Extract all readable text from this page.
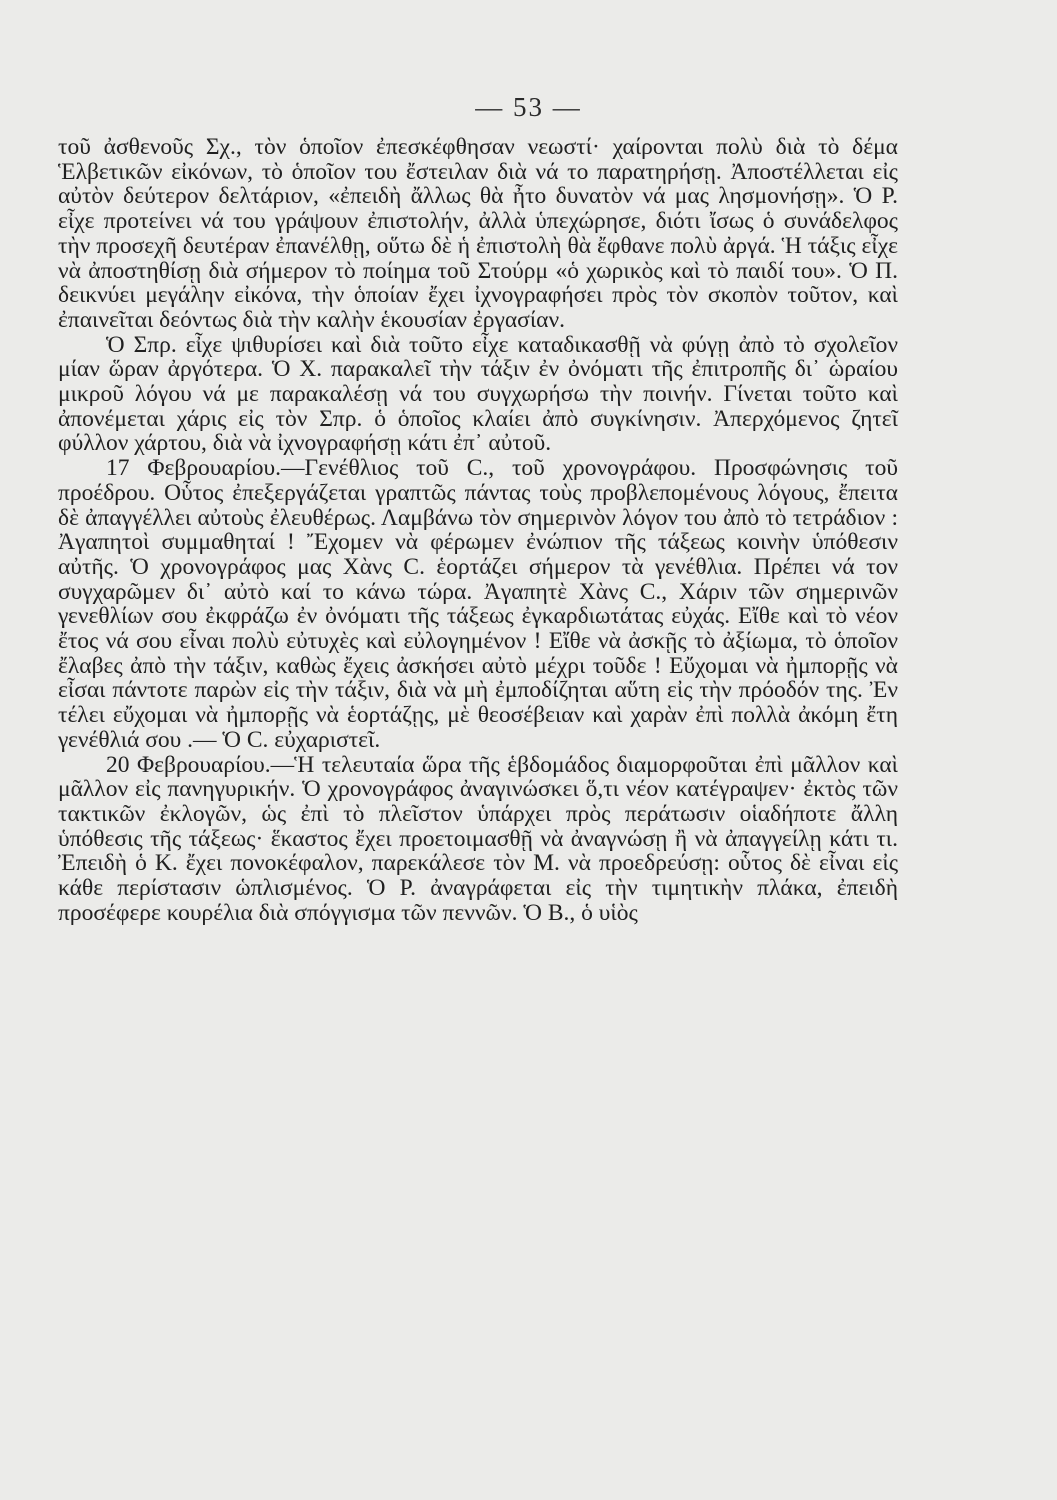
— 53 —

τοῦ ἀσθενοῦς Σχ., τὸν ὁποῖον ἐπεσκέφθησαν νεωστί· χαίρονται πολὺ διὰ τὸ δέμα Ἑλβετικῶν εἰκόνων, τὸ ὁποῖον του ἔστειλαν διὰ νά το παρατηρήσῃ. Ἀποστέλλεται εἰς αὐτὸν δεύτερον δελτάριον, «ἐπειδὴ ἄλλως θὰ ἦτο δυνατὸν νά μας λησμονήσῃ». Ὁ Ρ. εἶχε προτείνει νά του γράψουν ἐπιστολήν, ἀλλὰ ὑπεχώρησε, διότι ἴσως ὁ συνάδελφος τὴν προσεχῆ δευτέραν ἐπανέλθῃ, οὕτω δὲ ἡ ἐπιστολὴ θὰ ἔφθανε πολὺ ἀργά. Ἡ τάξις εἶχε νὰ ἀποστηθίσῃ διὰ σήμερον τὸ ποίημα τοῦ Στούρμ «ὁ χωρικὸς καὶ τὸ παιδί του». Ὁ Π. δεικνύει μεγάλην εἰκόνα, τὴν ὁποίαν ἔχει ἰχνογραφήσει πρὸς τὸν σκοπὸν τοῦτον, καὶ ἐπαινεῖται δεόντως διὰ τὴν καλὴν ἑκουσίαν ἐργασίαν.

Ὁ Σπρ. εἶχε ψιθυρίσει καὶ διὰ τοῦτο εἶχε καταδικασθῇ νὰ φύγῃ ἀπὸ τὸ σχολεῖον μίαν ὥραν ἀργότερα. Ὁ Χ. παρακαλεῖ τὴν τάξιν ἐν ὀνόματι τῆς ἐπιτροπῆς δι᾽ ὡραίου μικροῦ λόγου νά με παρακαλέσῃ νά του συγχωρήσω τὴν ποινήν. Γίνεται τοῦτο καὶ ἀπονέμεται χάρις εἰς τὸν Σπρ. ὁ ὁποῖος κλαίει ἀπὸ συγκίνησιν. Ἀπερχόμενος ζητεῖ φύλλον χάρτου, διὰ νὰ ἰχνογραφήσῃ κάτι ἐπ᾽ αὐτοῦ.

17 Φεβρουαρίου.—Γενέθλιος τοῦ C., τοῦ χρονογράφου. Προσφώνησις τοῦ προέδρου. Οὗτος ἐπεξεργάζεται γραπτῶς πάντας τοὺς προβλεπομένους λόγους, ἔπειτα δὲ ἀπαγγέλλει αὐτοὺς ἐλευθέρως. Λαμβάνω τὸν σημερινὸν λόγον του ἀπὸ τὸ τετράδιον : Ἀγαπητοὶ συμμαθηταί ! Ἔχομεν νὰ φέρωμεν ἐνώπιον τῆς τάξεως κοινὴν ὑπόθεσιν αὐτῆς. Ὁ χρονογράφος μας Χὰνς C. ἑορτάζει σήμερον τὰ γενέθλια. Πρέπει νά τον συγχαρῶμεν δι᾽ αὐτὸ καί το κάνω τώρα. Ἀγαπητὲ Χὰνς C., Χάριν τῶν σημερινῶν γενεθλίων σου ἐκφράζω ἐν ὀνόματι τῆς τάξεως ἐγκαρδιωτάτας εὐχάς. Εἴθε καὶ τὸ νέον ἔτος νά σου εἶναι πολὺ εὐτυχὲς καὶ εὐλογημένον ! Εἴθε νὰ ἀσκῇς τὸ ἀξίωμα, τὸ ὁποῖον ἔλαβες ἀπὸ τὴν τάξιν, καθὼς ἔχεις ἀσκήσει αὐτὸ μέχρι τοῦδε ! Εὔχομαι νὰ ἠμπορῇς νὰ εἶσαι πάντοτε παρὼν εἰς τὴν τάξιν, διὰ νὰ μὴ ἐμποδίζηται αὕτη εἰς τὴν πρόοδόν της. Ἐν τέλει εὔχομαι νὰ ἠμπορῇς νὰ ἑορτάζῃς, μὲ θεοσέβειαν καὶ χαρὰν ἐπὶ πολλὰ ἀκόμη ἔτη γενέθλιά σου .— Ὁ C. εὐχαριστεῖ.

20 Φεβρουαρίου.—Ἡ τελευταία ὥρα τῆς ἑβδομάδος διαμορφοῦται ἐπὶ μᾶλλον καὶ μᾶλλον εἰς πανηγυρικήν. Ὁ χρονογράφος ἀναγινώσκει ὅ,τι νέον κατέγραψεν· ἐκτὸς τῶν τακτικῶν ἐκλογῶν, ὡς ἐπὶ τὸ πλεῖστον ὑπάρχει πρὸς περάτωσιν οἱαδήποτε ἄλλη ὑπόθεσις τῆς τάξεως· ἕκαστος ἔχει προετοιμασθῇ νὰ ἀναγνώσῃ ἢ νὰ ἀπαγγείλῃ κάτι τι. Ἐπειδὴ ὁ Κ. ἔχει πονοκέφαλον, παρεκάλεσε τὸν Μ. νὰ προεδρεύσῃ: οὗτος δὲ εἶναι εἰς κάθε περίστασιν ὡπλισμένος. Ὁ Ρ. ἀναγράφεται εἰς τὴν τιμητικὴν πλάκα, ἐπειδὴ προσέφερε κουρέλια διὰ σπόγγισμα τῶν πεννῶν. Ὁ Β., ὁ υἱὸς
